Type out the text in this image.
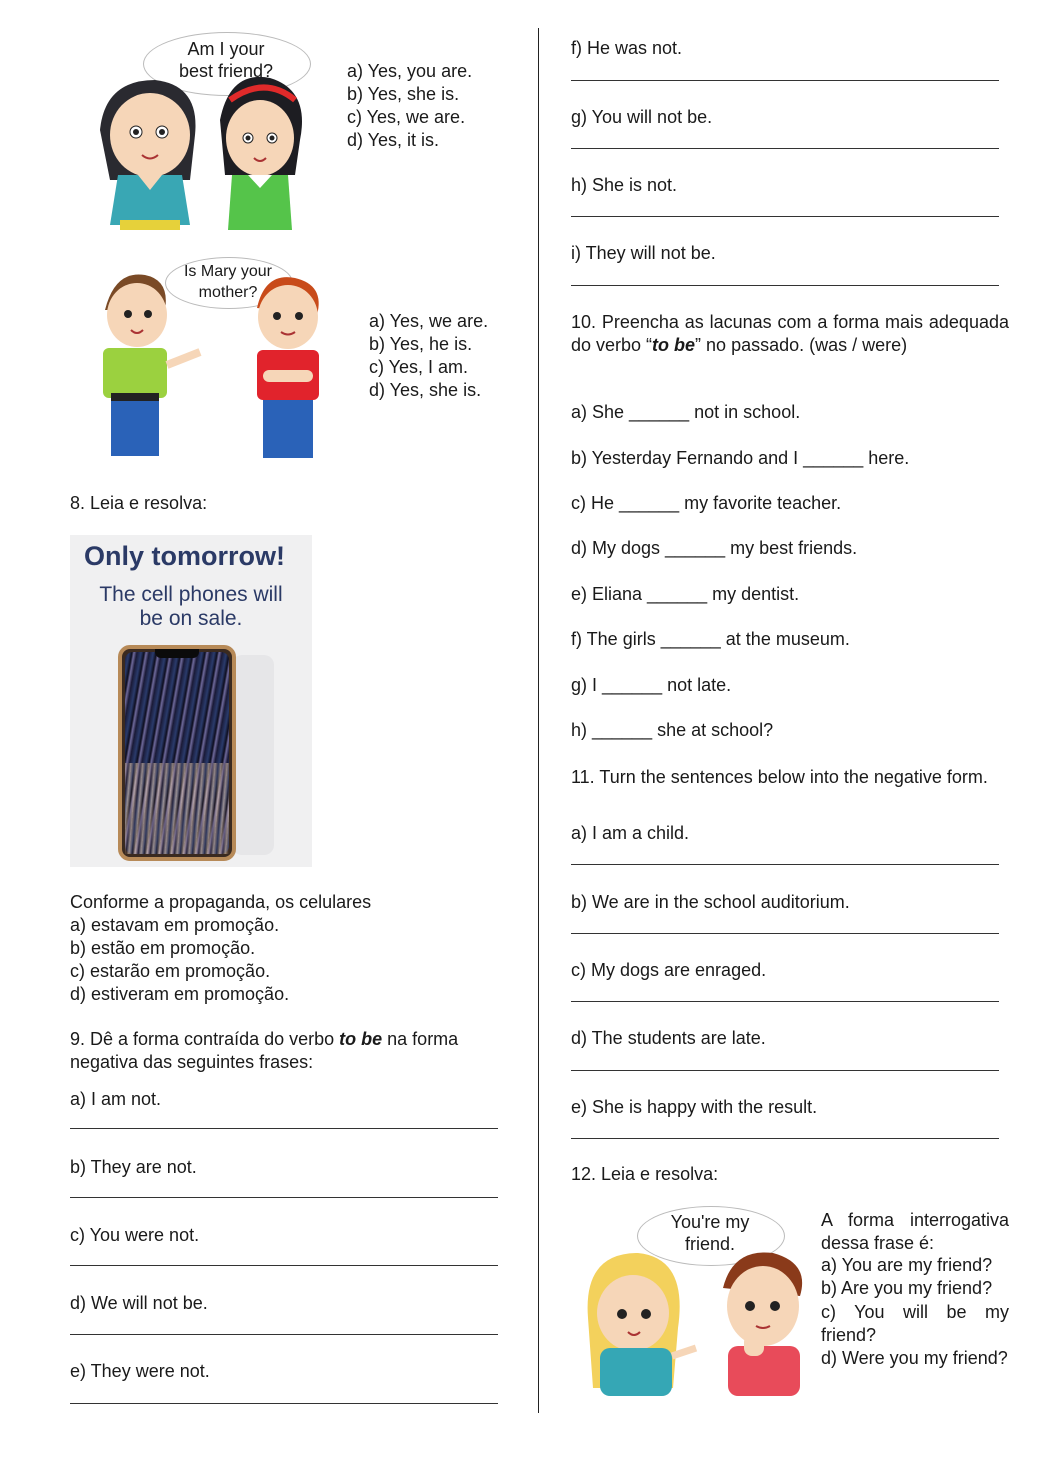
Am I your
best friend?	a) Yes, you are.
b) Yes, she is.
c) Yes, we are.
d) Yes, it is.
Is Mary your
mother?
a) Yes, we are.
b) Yes, he is.
c) Yes, I am.
d) Yes, she is.
8. Leia e resolva:
Only tomorrow!
The cell phones will
be on sale.
Conforme a propaganda, os celulares
a) estavam em promoção.
b) estão em promoção.
c) estarão em promoção.
d) estiveram em promoção.
9. Dê a forma contraída do verbo to be na forma
negativa das seguintes frases:
a) I am not.
b) They are not.
c) You were not.
d) We will not be.
e) They were not.
f) He was not.
g) You will not be.
h) She is not.
i) They will not be.
10. Preencha as lacunas com a forma mais adequada do verbo “to be” no passado. (was / were)
a) She ______ not in school.
b) Yesterday Fernando and I ______ here.
c) He ______ my favorite teacher.
d) My dogs ______ my best friends.
e) Eliana ______ my dentist.
f) The girls ______ at the museum.
g) I ______ not late.
h) ______ she at school?
11. Turn the sentences below into the negative form.
a) I am a child.
b) We are in the school auditorium.
c) My dogs are enraged.
d) The students are late.
e) She is happy with the result.
12. Leia e resolva:
You're my
friend.
A forma interrogativa dessa frase é:
a) You are my friend?
b) Are you my friend?
c) You will be my friend?
d) Were you my friend?
